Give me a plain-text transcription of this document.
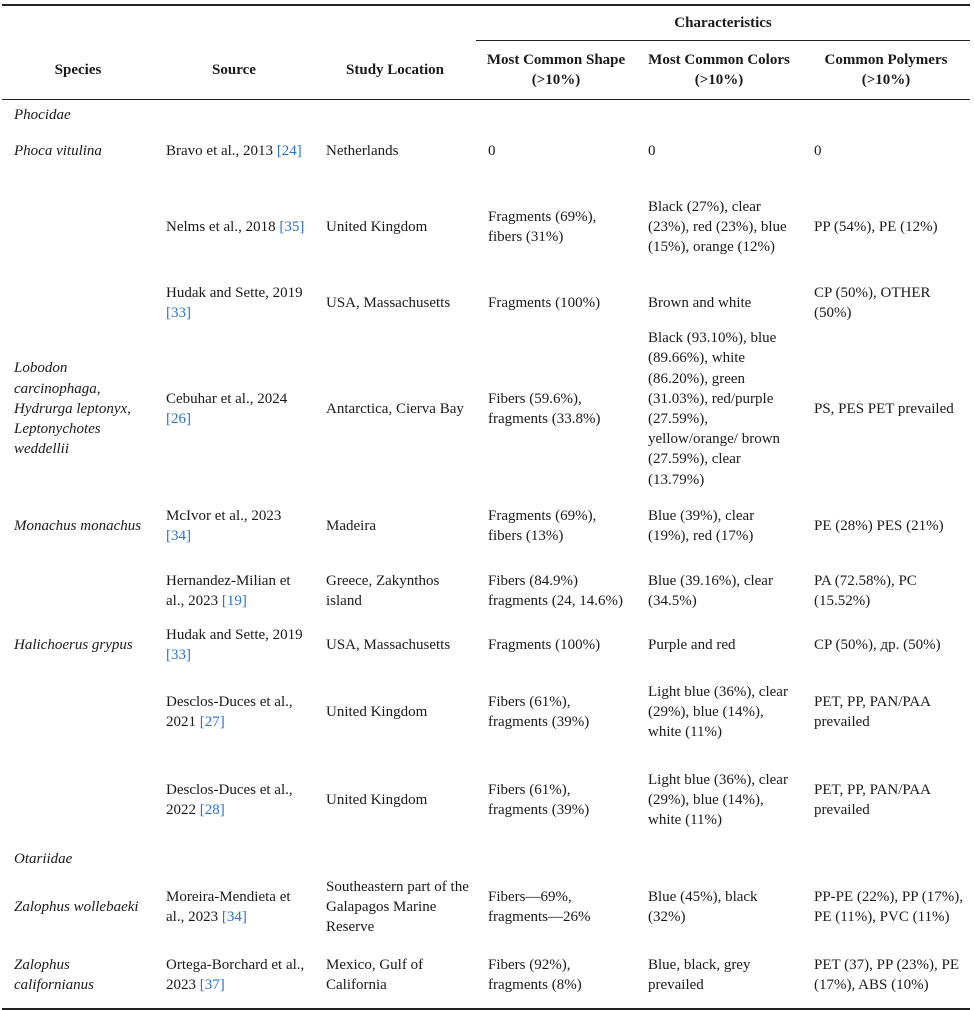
			Characteristics		
Species	Source	Study Location	Most Common Shape (>10%)	Most Common Colors (>10%)	Common Polymers (>10%)
Phocidae					
Phoca vitulina	Bravo et al., 2013 [24]	Netherlands	0	0	0
	Nelms et al., 2018 [35]	United Kingdom	Fragments (69%), fibers (31%)	Black (27%), clear (23%), red (23%), blue (15%), orange (12%)	PP (54%), PE (12%)
	Hudak and Sette, 2019 [33]	USA, Massachusetts	Fragments (100%)	Brown and white	CP (50%), OTHER (50%)
Lobodon carcinophaga, Hydrurga leptonyx, Leptonychotes weddellii	Cebuhar et al., 2024 [26]	Antarctica, Cierva Bay	Fibers (59.6%), fragments (33.8%)	Black (93.10%), blue (89.66%), white (86.20%), green (31.03%), red/purple (27.59%), yellow/orange/ brown (27.59%), clear (13.79%)	PS, PES PET prevailed
Monachus monachus	McIvor et al., 2023 [34]	Madeira	Fragments (69%), fibers (13%)	Blue (39%), clear (19%), red (17%)	PE (28%) PES (21%)
	Hernandez-Milian et al., 2023 [19]	Greece, Zakynthos island	Fibers (84.9%) fragments (24, 14.6%)	Blue (39.16%), clear (34.5%)	PA (72.58%), PC (15.52%)
Halichoerus grypus	Hudak and Sette, 2019 [33]	USA, Massachusetts	Fragments (100%)	Purple and red	CP (50%), др. (50%)
	Desclos-Duces et al., 2021 [27]	United Kingdom	Fibers (61%), fragments (39%)	Light blue (36%), clear (29%), blue (14%), white (11%)	PET, PP, PAN/PAA prevailed
	Desclos-Duces et al., 2022 [28]	United Kingdom	Fibers (61%), fragments (39%)	Light blue (36%), clear (29%), blue (14%), white (11%)	PET, PP, PAN/PAA prevailed
Otariidae					
Zalophus wollebaeki	Moreira-Mendieta et al., 2023 [34]	Southeastern part of the Galapagos Marine Reserve	Fibers—69%, fragments—26%	Blue (45%), black (32%)	PP-PE (22%), PP (17%), PE (11%), PVC (11%)
Zalophus californianus	Ortega-Borchard et al., 2023 [37]	Mexico, Gulf of California	Fibers (92%), fragments (8%)	Blue, black, grey prevailed	PET (37), PP (23%), PE (17%), ABS (10%)
